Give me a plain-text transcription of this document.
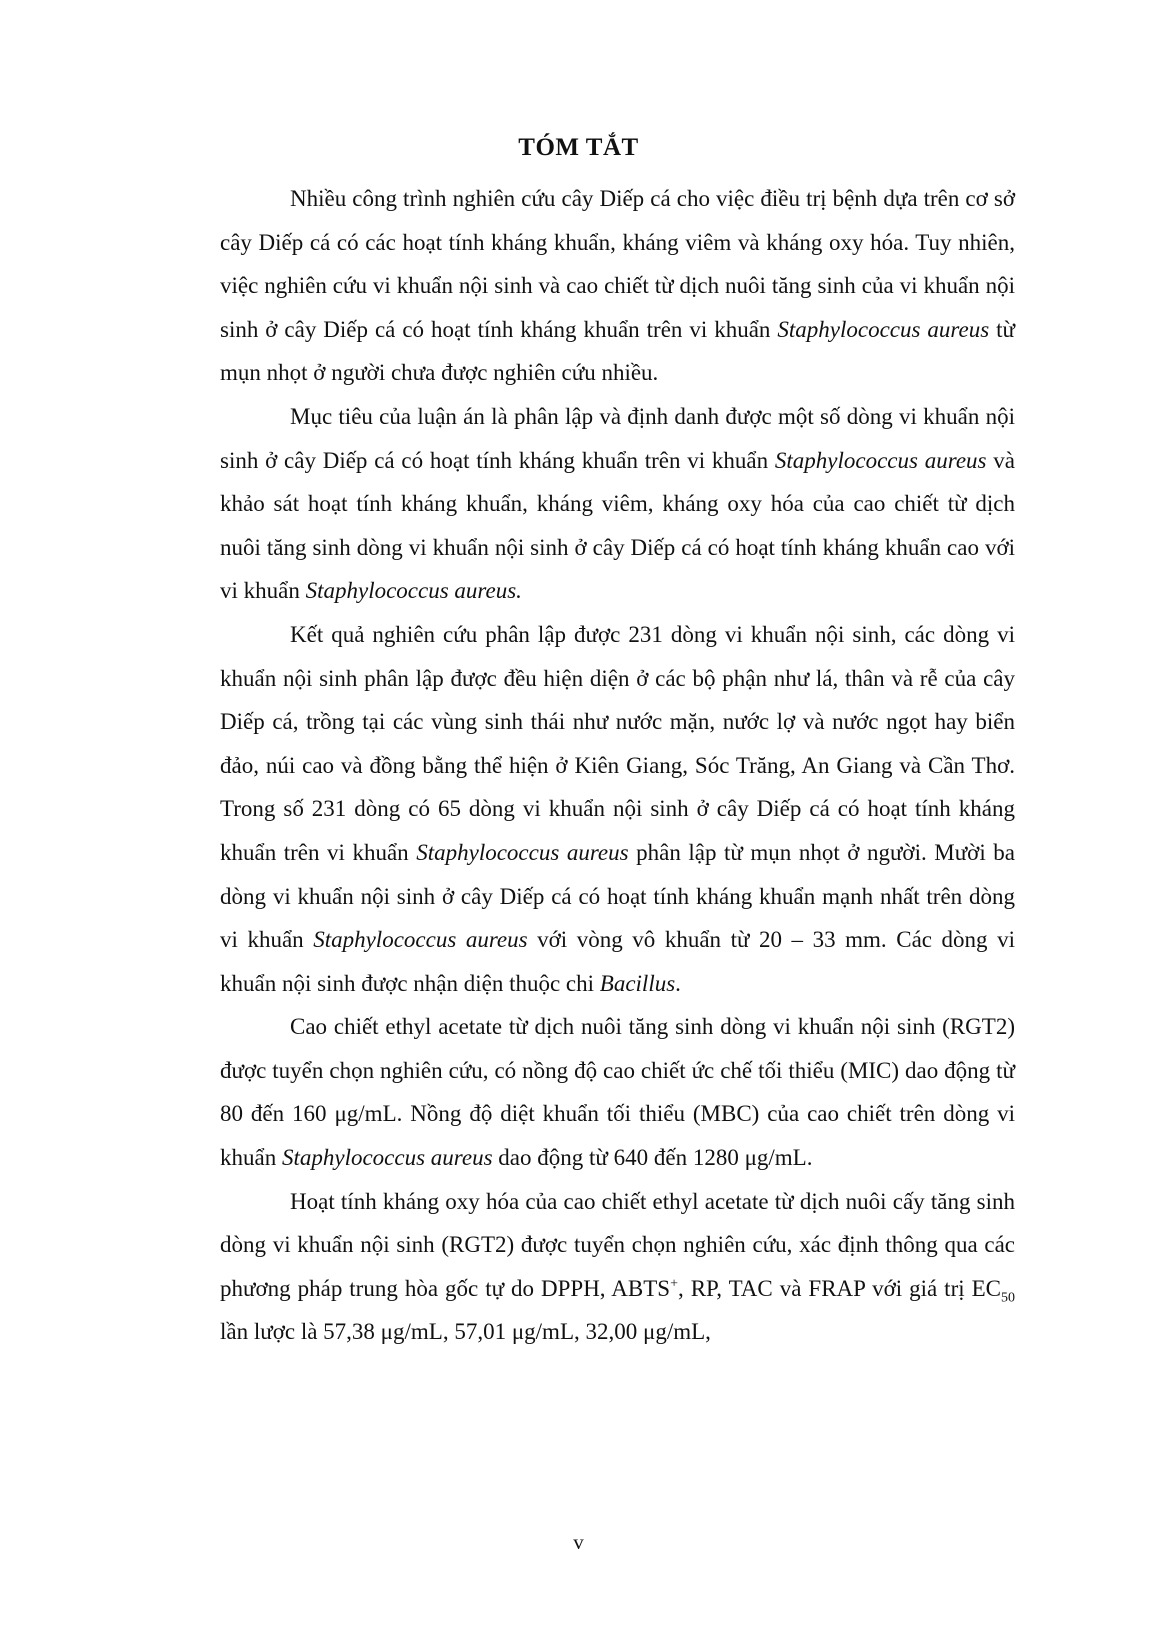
TÓM TẮT

Nhiều công trình nghiên cứu cây Diếp cá cho việc điều trị bệnh dựa trên cơ sở cây Diếp cá có các hoạt tính kháng khuẩn, kháng viêm và kháng oxy hóa. Tuy nhiên, việc nghiên cứu vi khuẩn nội sinh và cao chiết từ dịch nuôi tăng sinh của vi khuẩn nội sinh ở cây Diếp cá có hoạt tính kháng khuẩn trên vi khuẩn Staphylococcus aureus từ mụn nhọt ở người chưa được nghiên cứu nhiều.

Mục tiêu của luận án là phân lập và định danh được một số dòng vi khuẩn nội sinh ở cây Diếp cá có hoạt tính kháng khuẩn trên vi khuẩn Staphylococcus aureus và khảo sát hoạt tính kháng khuẩn, kháng viêm, kháng oxy hóa của cao chiết từ dịch nuôi tăng sinh dòng vi khuẩn nội sinh ở cây Diếp cá có hoạt tính kháng khuẩn cao với vi khuẩn Staphylococcus aureus.

Kết quả nghiên cứu phân lập được 231 dòng vi khuẩn nội sinh, các dòng vi khuẩn nội sinh phân lập được đều hiện diện ở các bộ phận như lá, thân và rễ của cây Diếp cá, trồng tại các vùng sinh thái như nước mặn, nước lợ và nước ngọt hay biển đảo, núi cao và đồng bằng thể hiện ở Kiên Giang, Sóc Trăng, An Giang và Cần Thơ. Trong số 231 dòng có 65 dòng vi khuẩn nội sinh ở cây Diếp cá có hoạt tính kháng khuẩn trên vi khuẩn Staphylococcus aureus phân lập từ mụn nhọt ở người. Mười ba dòng vi khuẩn nội sinh ở cây Diếp cá có hoạt tính kháng khuẩn mạnh nhất trên dòng vi khuẩn Staphylococcus aureus với vòng vô khuẩn từ 20 – 33 mm. Các dòng vi khuẩn nội sinh được nhận diện thuộc chi Bacillus.

Cao chiết ethyl acetate từ dịch nuôi tăng sinh dòng vi khuẩn nội sinh (RGT2) được tuyển chọn nghiên cứu, có nồng độ cao chiết ức chế tối thiểu (MIC) dao động từ 80 đến 160 μg/mL. Nồng độ diệt khuẩn tối thiểu (MBC) của cao chiết trên dòng vi khuẩn Staphylococcus aureus dao động từ 640 đến 1280 μg/mL.

Hoạt tính kháng oxy hóa của cao chiết ethyl acetate từ dịch nuôi cấy tăng sinh dòng vi khuẩn nội sinh (RGT2) được tuyển chọn nghiên cứu, xác định thông qua các phương pháp trung hòa gốc tự do DPPH, ABTS+, RP, TAC và FRAP với giá trị $EC_{50}$ lần lược là 57,38 μg/mL, 57,01 μg/mL, 32,00 μg/mL,

v
